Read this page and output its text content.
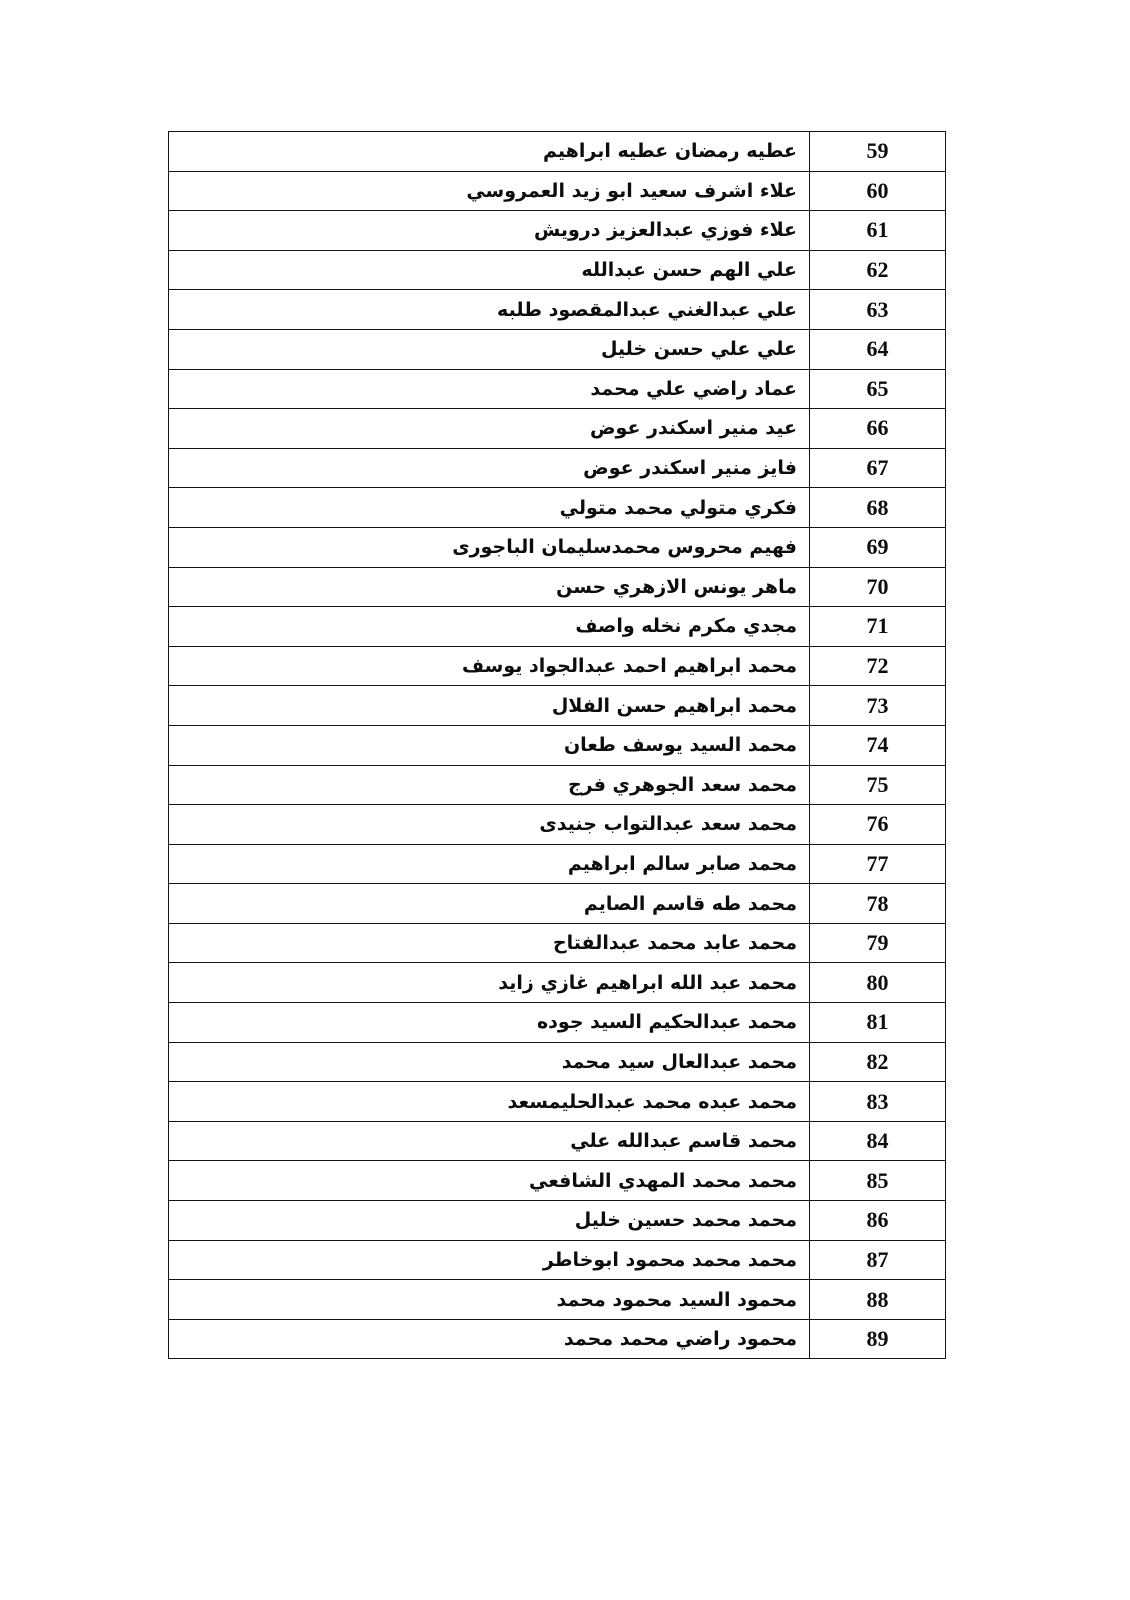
59	عطيه رمضان عطيه ابراهيم
60	علاء اشرف سعيد ابو زيد العمروسي
61	علاء فوزي عبدالعزيز درويش
62	علي الهم حسن عبدالله
63	علي عبدالغني عبدالمقصود طلبه
64	علي علي حسن خليل
65	عماد راضي علي محمد
66	عيد منير اسكندر عوض
67	فايز منير اسكندر عوض
68	فكري متولي محمد متولي
69	فهيم محروس محمدسليمان الباجورى
70	ماهر يونس الازهري حسن
71	مجدي مكرم نخله واصف
72	محمد ابراهيم احمد عبدالجواد يوسف
73	محمد ابراهيم حسن الفلال
74	محمد السيد يوسف طعان
75	محمد سعد الجوهري فرج
76	محمد سعد عبدالتواب جنيدى
77	محمد صابر سالم ابراهيم
78	محمد طه قاسم الصايم
79	محمد عابد محمد عبدالفتاح
80	محمد عبد الله ابراهيم غازي زايد
81	محمد عبدالحكيم السيد جوده
82	محمد عبدالعال سيد محمد
83	محمد عبده محمد عبدالحليمسعد
84	محمد قاسم عبدالله علي
85	محمد محمد المهدي الشافعي
86	محمد محمد حسين خليل
87	محمد محمد محمود ابوخاطر
88	محمود السيد محمود محمد
89	محمود راضي محمد محمد
